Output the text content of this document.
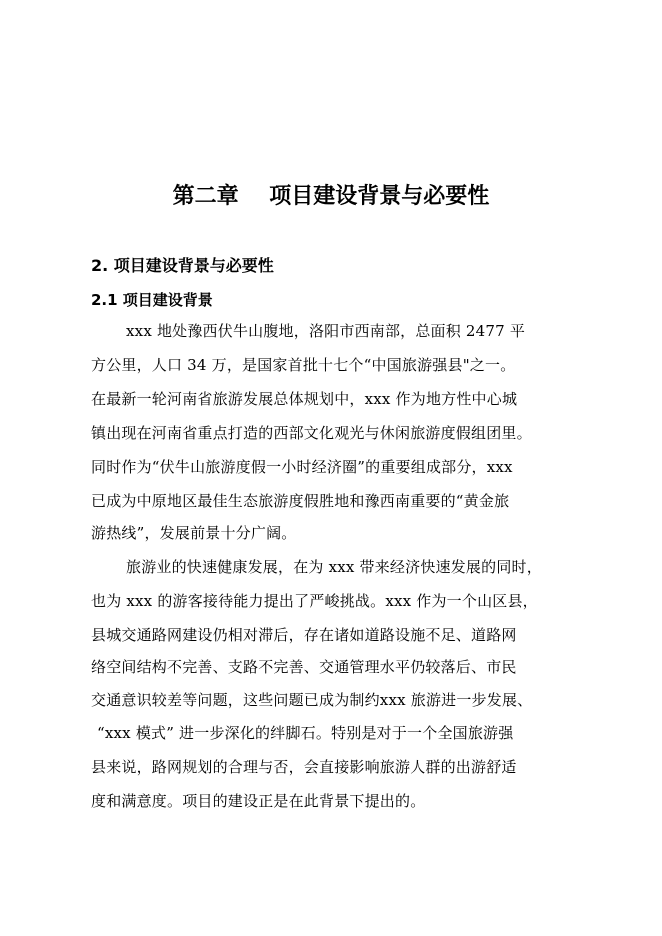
第二章    项目建设背景与必要性
2. 项目建设背景与必要性
2.1 项目建设背景
xxx 地处豫西伏牛山腹地，洛阳市西南部，总面积 2477 平
方公里，人口 34 万，是国家首批十七个“中国旅游强县"之一。
在最新一轮河南省旅游发展总体规划中，xxx 作为地方性中心城
镇出现在河南省重点打造的西部文化观光与休闲旅游度假组团里。
同时作为“伏牛山旅游度假一小时经济圈”的重要组成部分，xxx
已成为中原地区最佳生态旅游度假胜地和豫西南重要的“黄金旅
游热线”，发展前景十分广阔。
旅游业的快速健康发展，在为 xxx 带来经济快速发展的同时，
也为 xxx 的游客接待能力提出了严峻挑战。xxx 作为一个山区县，
县城交通路网建设仍相对滞后，存在诸如道路设施不足、道路网
络空间结构不完善、支路不完善、交通管理水平仍较落后、市民
交通意识较差等问题，这些问题已成为制约xxx 旅游进一步发展、
“xxx 模式” 进一步深化的绊脚石。特别是对于一个全国旅游强
县来说，路网规划的合理与否，会直接影响旅游人群的出游舒适
度和满意度。项目的建设正是在此背景下提出的。
